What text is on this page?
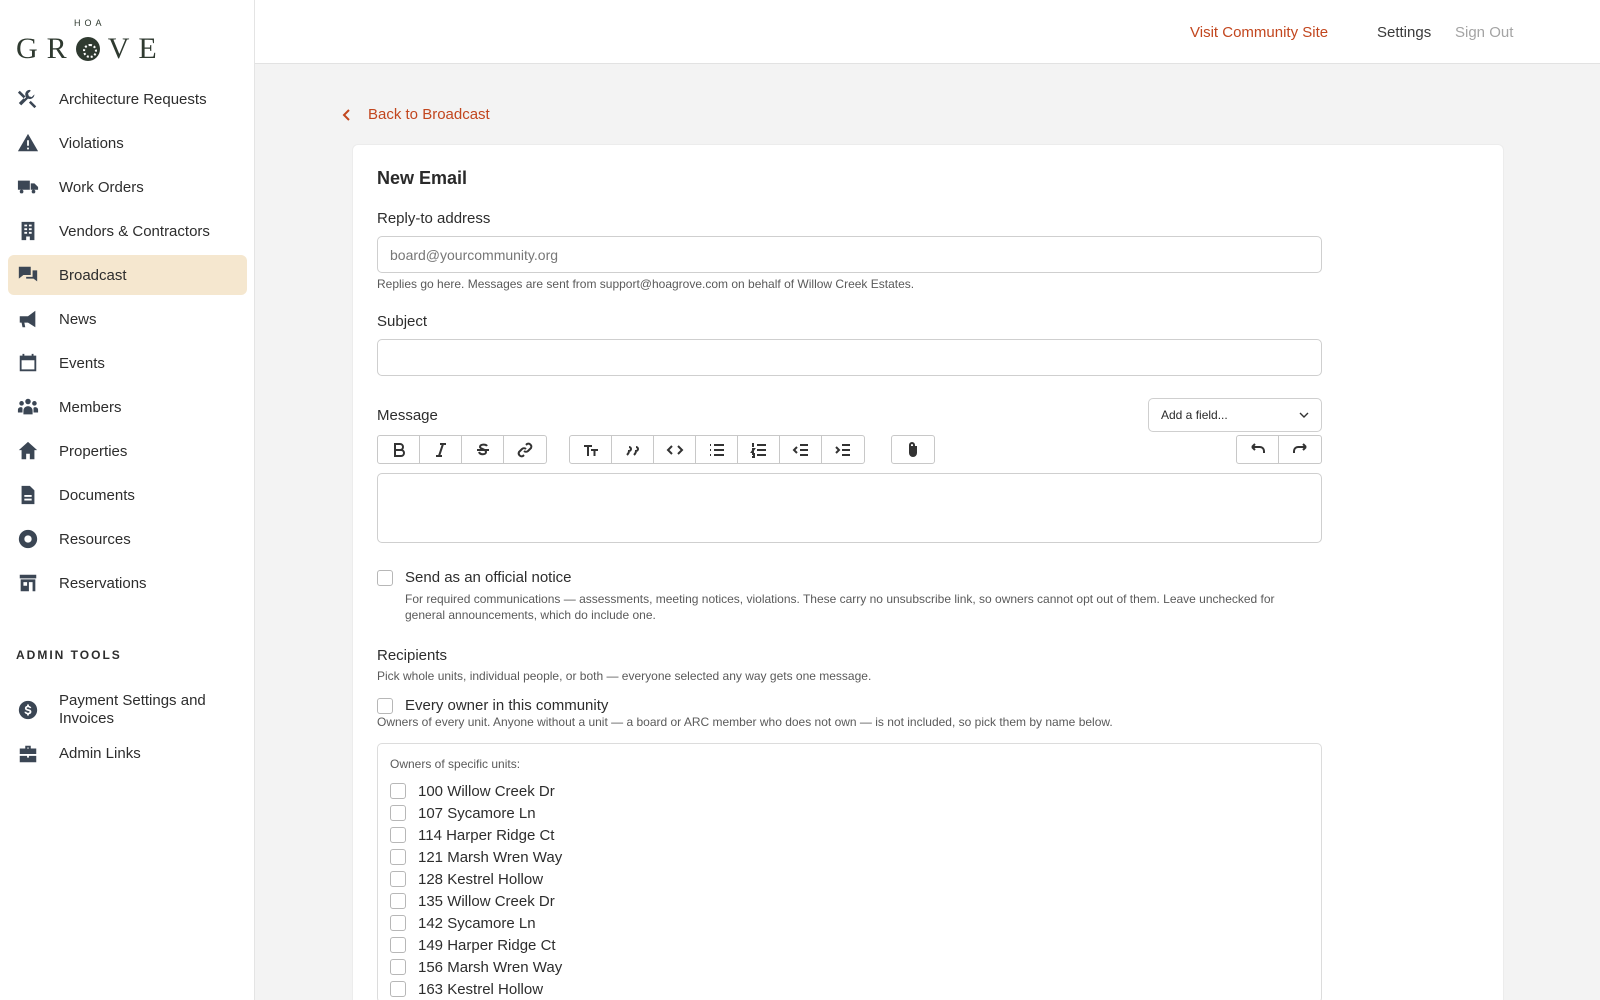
HOA
GR VE
Architecture Requests
Violations
Work Orders
Vendors & Contractors
Broadcast
News
Events
Members
Properties
Documents
Resources
Reservations
ADMIN TOOLS
Payment Settings and Invoices
Admin Links
Visit Community Site	Settings Sign Out
Back to Broadcast
New Email
Reply-to address
board@yourcommunity.org
Replies go here. Messages are sent from support@hoagrove.com on behalf of Willow Creek Estates.
Subject
Message	Add a field...
Send as an official notice
For required communications — assessments, meeting notices, violations. These carry no unsubscribe link, so owners cannot opt out of them. Leave unchecked for general announcements, which do include one.
Recipients
Pick whole units, individual people, or both — everyone selected any way gets one message.
Every owner in this community
Owners of every unit. Anyone without a unit — a board or ARC member who does not own — is not included, so pick them by name below.
Owners of specific units:
100 Willow Creek Dr
107 Sycamore Ln
114 Harper Ridge Ct
121 Marsh Wren Way
128 Kestrel Hollow
135 Willow Creek Dr
142 Sycamore Ln
149 Harper Ridge Ct
156 Marsh Wren Way
163 Kestrel Hollow
